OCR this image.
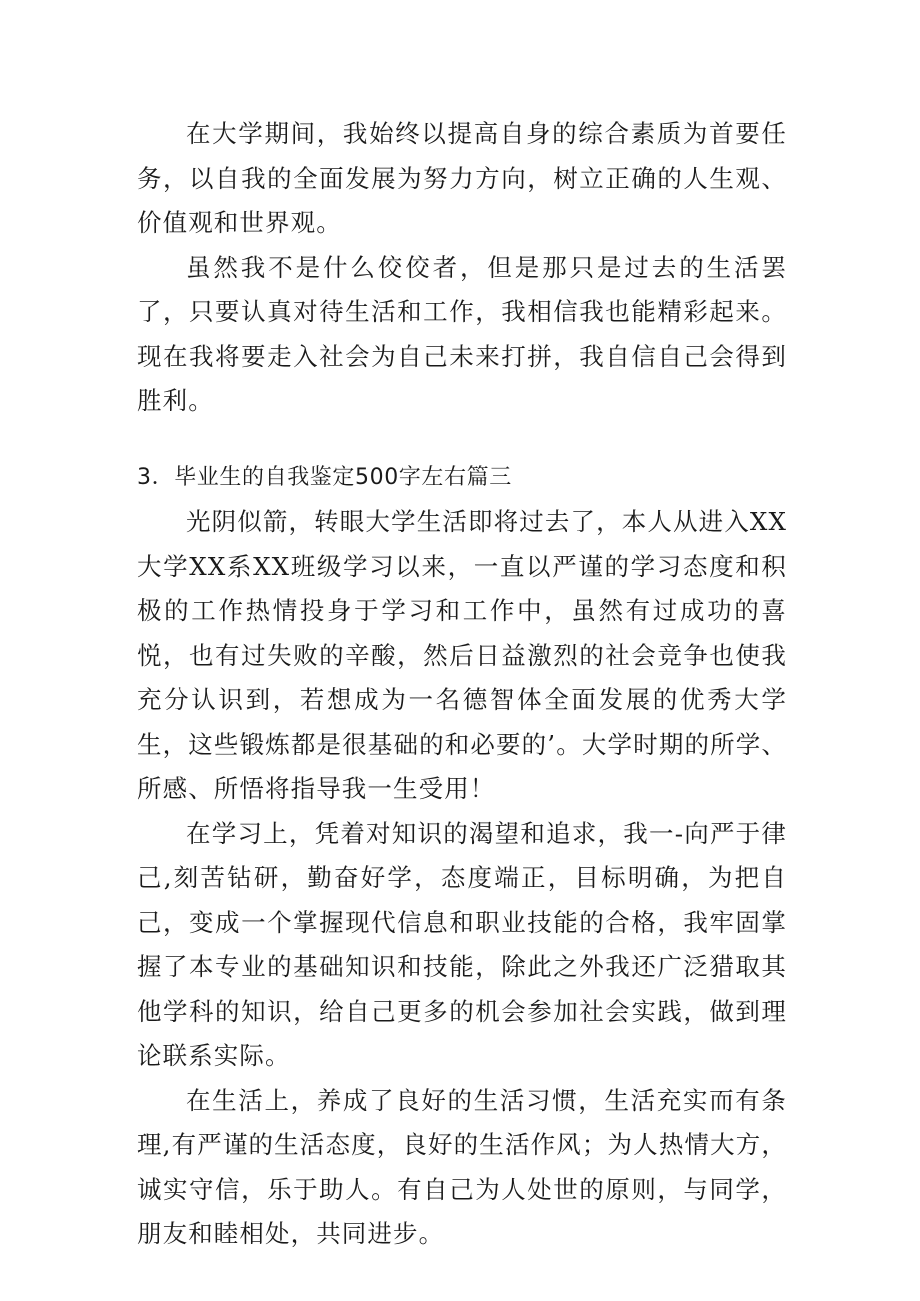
在大学期间，我始终以提高自身的综合素质为首要任务，以自我的全面发展为努力方向，树立正确的人生观、价值观和世界观。

虽然我不是什么佼佼者，但是那只是过去的生活罢了，只要认真对待生活和工作，我相信我也能精彩起来。现在我将要走入社会为自己未来打拼，我自信自己会得到胜利。

3．毕业生的自我鉴定500字左右篇三

光阴似箭，转眼大学生活即将过去了，本人从进入XX大学XX系XX班级学习以来，一直以严谨的学习态度和积极的工作热情投身于学习和工作中，虽然有过成功的喜悦，也有过失败的辛酸，然后日益激烈的社会竞争也使我充分认识到，若想成为一名德智体全面发展的优秀大学生，这些锻炼都是很基础的和必要的’。大学时期的所学、所感、所悟将指导我一生受用！

在学习上，凭着对知识的渴望和追求，我一-向严于律己,刻苦钻研，勤奋好学，态度端正，目标明确，为把自己，变成一个掌握现代信息和职业技能的合格，我牢固掌握了本专业的基础知识和技能，除此之外我还广泛猎取其他学科的知识，给自己更多的机会参加社会实践，做到理论联系实际。

在生活上，养成了良好的生活习惯，生活充实而有条理,有严谨的生活态度，良好的生活作风；为人热情大方，诚实守信，乐于助人。有自己为人处世的原则，与同学，朋友和睦相处，共同进步。
